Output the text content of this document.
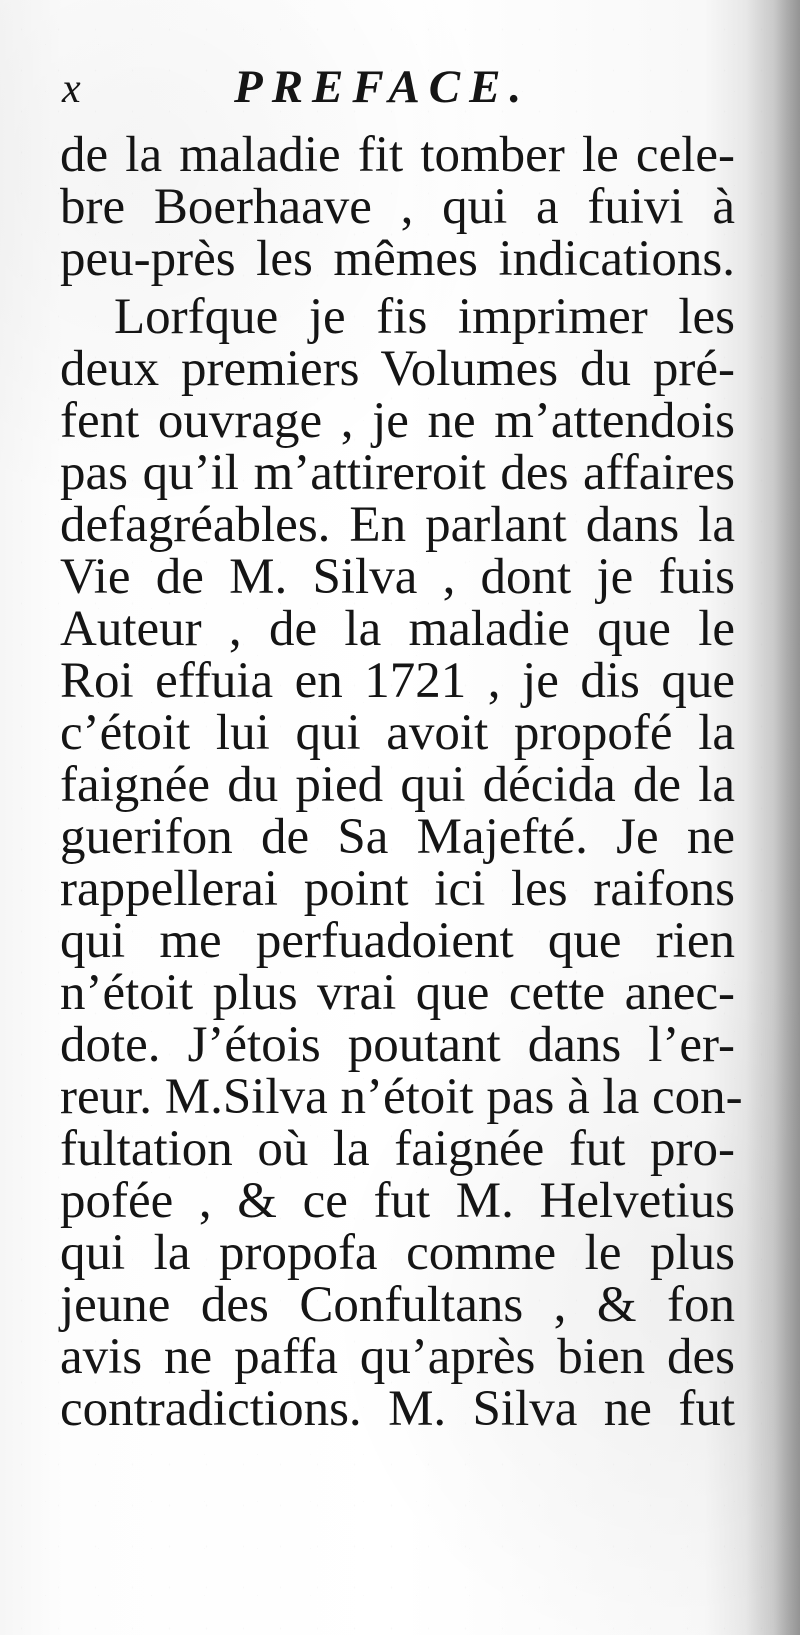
x	PREFACE.
de la maladie fit tomber le cele-
bre Boerhaave , qui a fuivi à
peu-près les mêmes indications.
Lorfque je fis imprimer les
deux premiers Volumes du pré-
fent ouvrage , je ne m’attendois
pas qu’il m’attireroit des affaires
defagréables. En parlant dans la
Vie de M. Silva , dont je fuis
Auteur , de la maladie que le
Roi effuia en 1721 , je dis que
c’étoit lui qui avoit propofé la
faignée du pied qui décida de la
guerifon de Sa Majefté. Je ne
rappellerai point ici les raifons
qui me perfuadoient que rien
n’étoit plus vrai que cette anec-
dote. J’étois poutant dans l’er-
reur. M.Silva n’étoit pas à la con-
fultation où la faignée fut pro-
pofée , & ce fut M. Helvetius
qui la propofa comme le plus
jeune des Confultans , & fon
avis ne paffa qu’après bien des
contradictions. M. Silva ne fut
